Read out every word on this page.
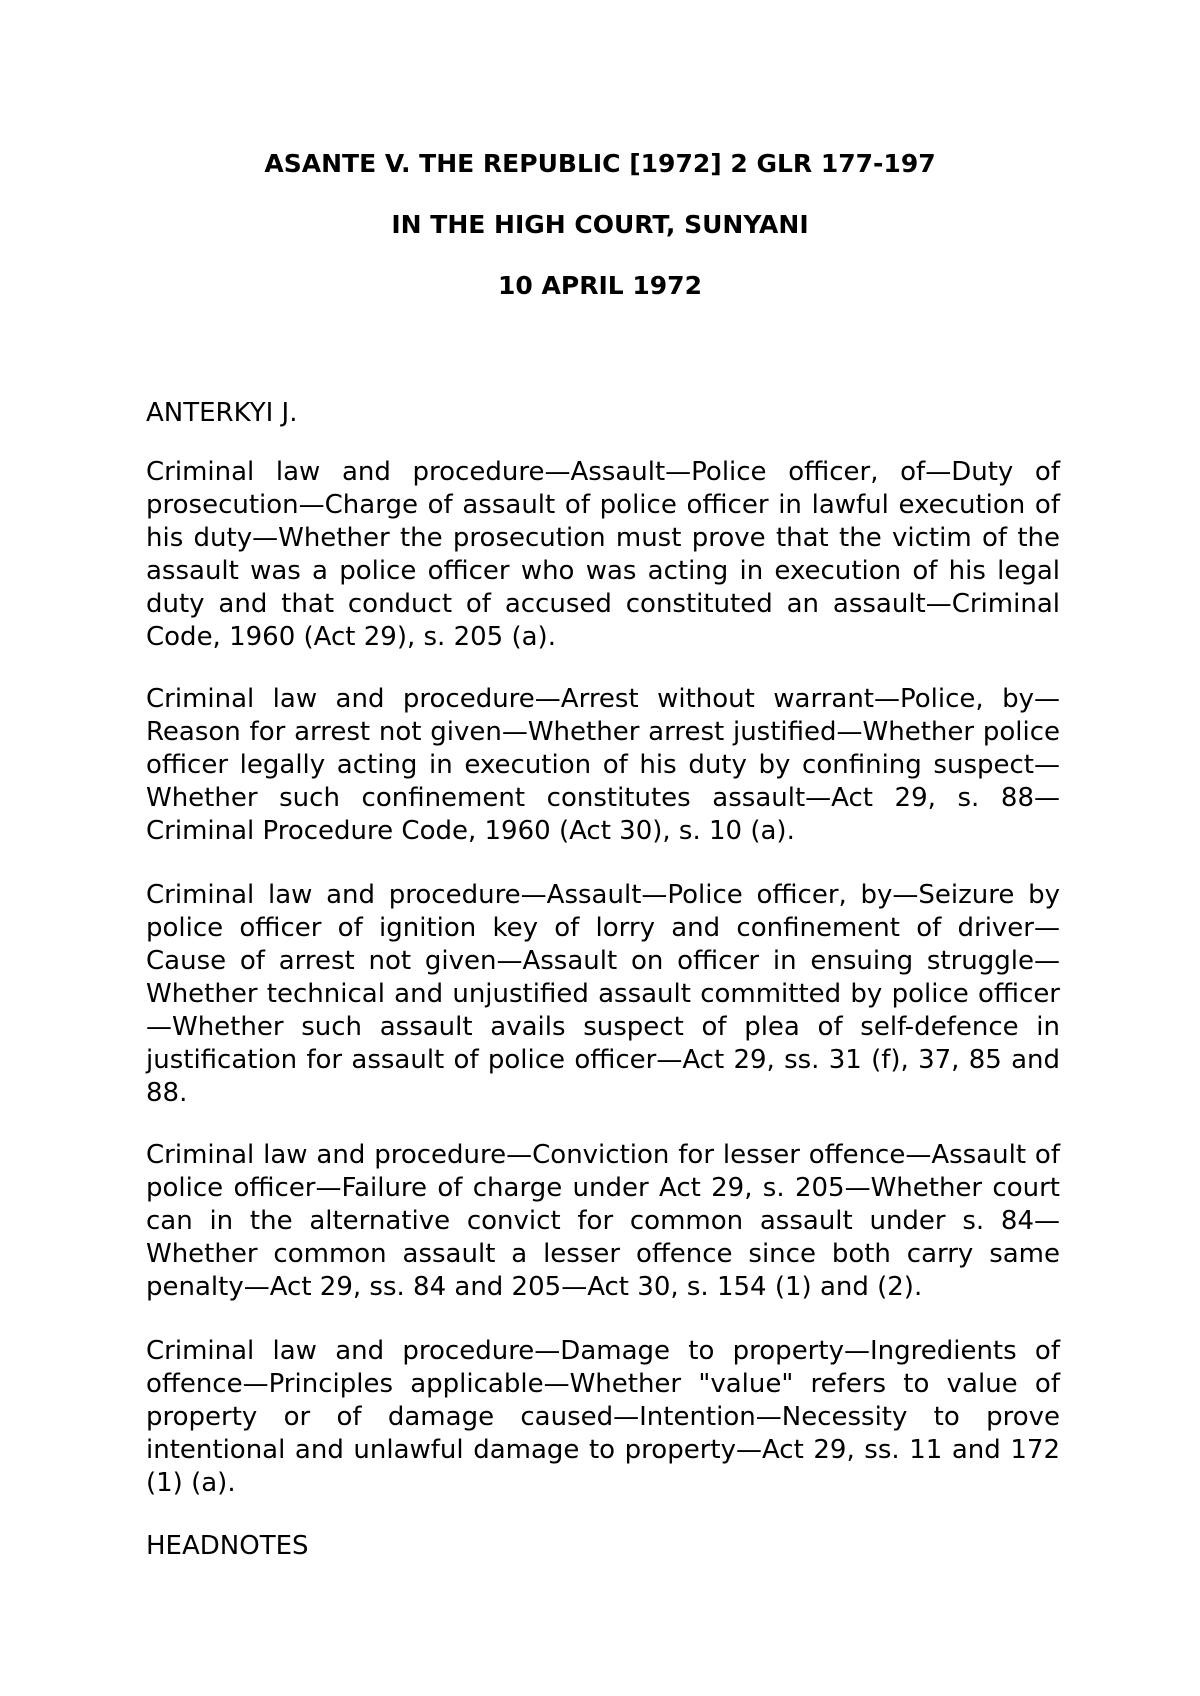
ASANTE V. THE REPUBLIC [1972] 2 GLR 177-197
IN THE HIGH COURT, SUNYANI
10 APRIL 1972

ANTERKYI J.

Criminal law and procedure—Assault—Police officer, of—Duty of prosecution—Charge of assault of police officer in lawful execution of his duty—Whether the prosecution must prove that the victim of the assault was a police officer who was acting in execution of his legal duty and that conduct of accused constituted an assault—Criminal Code, 1960 (Act 29), s. 205 (a).

Criminal law and procedure—Arrest without warrant—Police, by—Reason for arrest not given—Whether arrest justified—Whether police officer legally acting in execution of his duty by confining suspect—Whether such confinement constitutes assault—Act 29, s. 88—Criminal Procedure Code, 1960 (Act 30), s. 10 (a).

Criminal law and procedure—Assault—Police officer, by—Seizure by police officer of ignition key of lorry and confinement of driver—Cause of arrest not given—Assault on officer in ensuing struggle—Whether technical and unjustified assault committed by police officer—Whether such assault avails suspect of plea of self-defence in justification for assault of police officer—Act 29, ss. 31 (f), 37, 85 and 88.

Criminal law and procedure—Conviction for lesser offence—Assault of police officer—Failure of charge under Act 29, s. 205—Whether court can in the alternative convict for common assault under s. 84—Whether common assault a lesser offence since both carry same penalty—Act 29, ss. 84 and 205—Act 30, s. 154 (1) and (2).

Criminal law and procedure—Damage to property—Ingredients of offence—Principles applicable—Whether "value" refers to value of property or of damage caused—Intention—Necessity to prove intentional and unlawful damage to property—Act 29, ss. 11 and 172 (1) (a).

HEADNOTES
